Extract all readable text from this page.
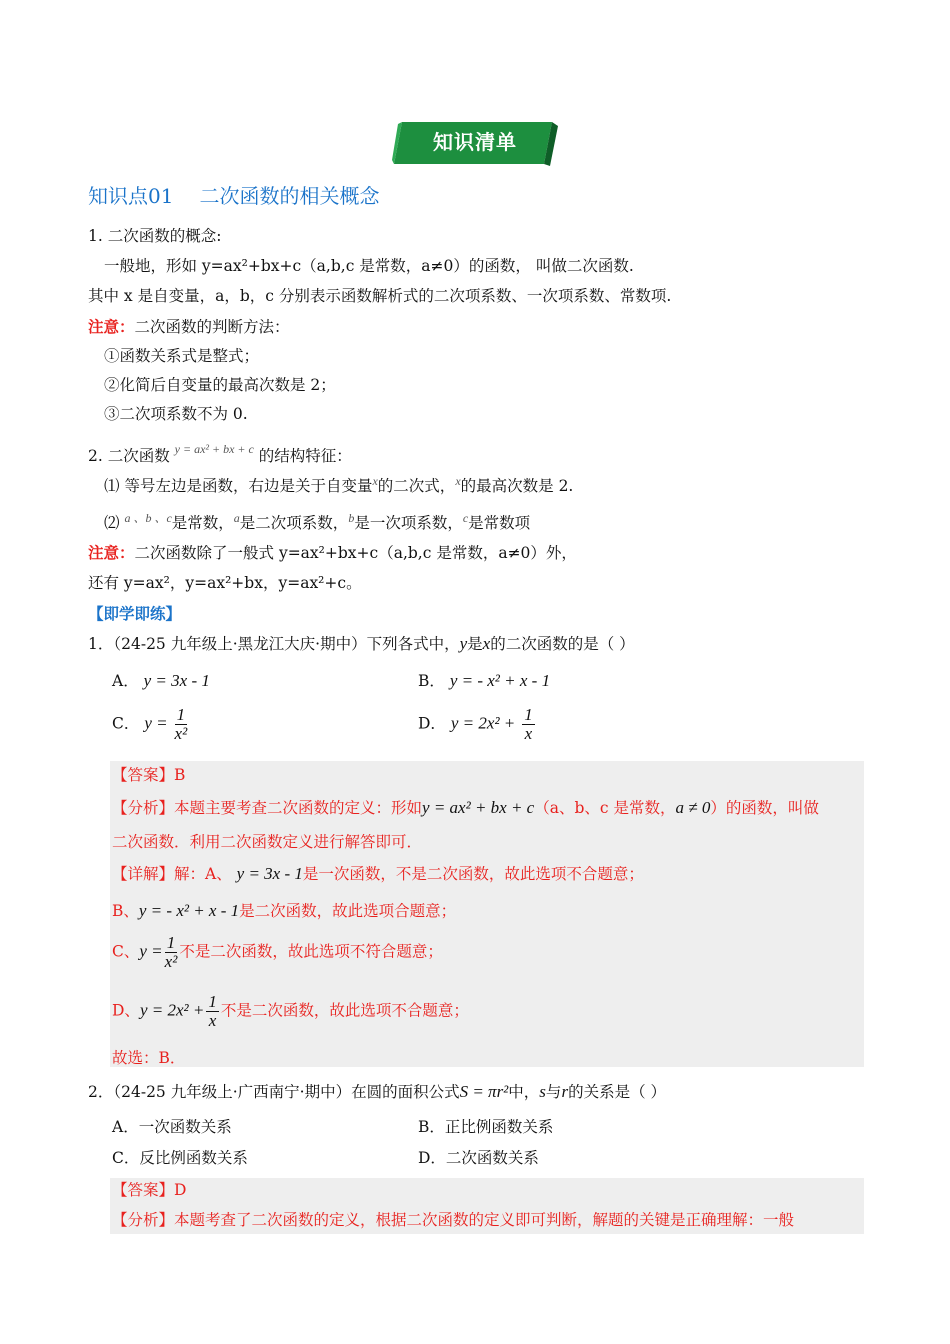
知识清单
知识点01 二次函数的相关概念
1. 二次函数的概念:
一般地，形如 y=ax²+bx+c（a,b,c 是常数，a≠0）的函数， 叫做二次函数.
其中 x 是自变量，a，b，c 分别表示函数解析式的二次项系数、一次项系数、常数项.
注意：二次函数的判断方法：
①函数关系式是整式；
②化简后自变量的最高次数是 2；
③二次项系数不为 0.
2. 二次函数 $^{y = ax^2 + bx + c}$ 的结构特征：
⑴ 等号左边是函数，右边是关于自变量$^x$的二次式，$^x$的最高次数是 2.
⑵ $^{a 、b 、c}$是常数，$^a$是二次项系数，$^b$是一次项系数，$^c$是常数项
注意：二次函数除了一般式 y=ax²+bx+c（a,b,c 是常数，a≠0）外，
还有 y=ax²，y=ax²+bx，y=ax²+c。
【即学即练】
1．（24-25 九年级上·黑龙江大庆·期中）下列各式中，y是x的二次函数的是（ ）
A． y = 3x - 1	B． y = - x² + x - 1
C． $y = \frac{1}{\text{x²}}$	D． $y = 2x^2 + \frac{1}{x}$
【答案】B
【分析】本题主要考查二次函数的定义：形如y = ax² + bx + c（a、b、c 是常数，a ≠ 0）的函数，叫做
二次函数．利用二次函数定义进行解答即可．
【详解】解：A、 y = 3x - 1是一次函数，不是二次函数，故此选项不合题意；
B、y = - x² + x - 1是二次函数，故此选项合题意；
C、$y = \frac{1}{\text{x²}}$ 不是二次函数，故此选项不符合题意；
D、$y = 2x^2 + \frac{1}{x}$ 不是二次函数，故此选项不合题意；
故选：B．
2．（24-25 九年级上·广西南宁·期中）在圆的面积公式S = πr²中，s与r的关系是（ ）
A．一次函数关系	B．正比例函数关系
C．反比例函数关系	D．二次函数关系
【答案】D
【分析】本题考查了二次函数的定义，根据二次函数的定义即可判断，解题的关键是正确理解：一般
